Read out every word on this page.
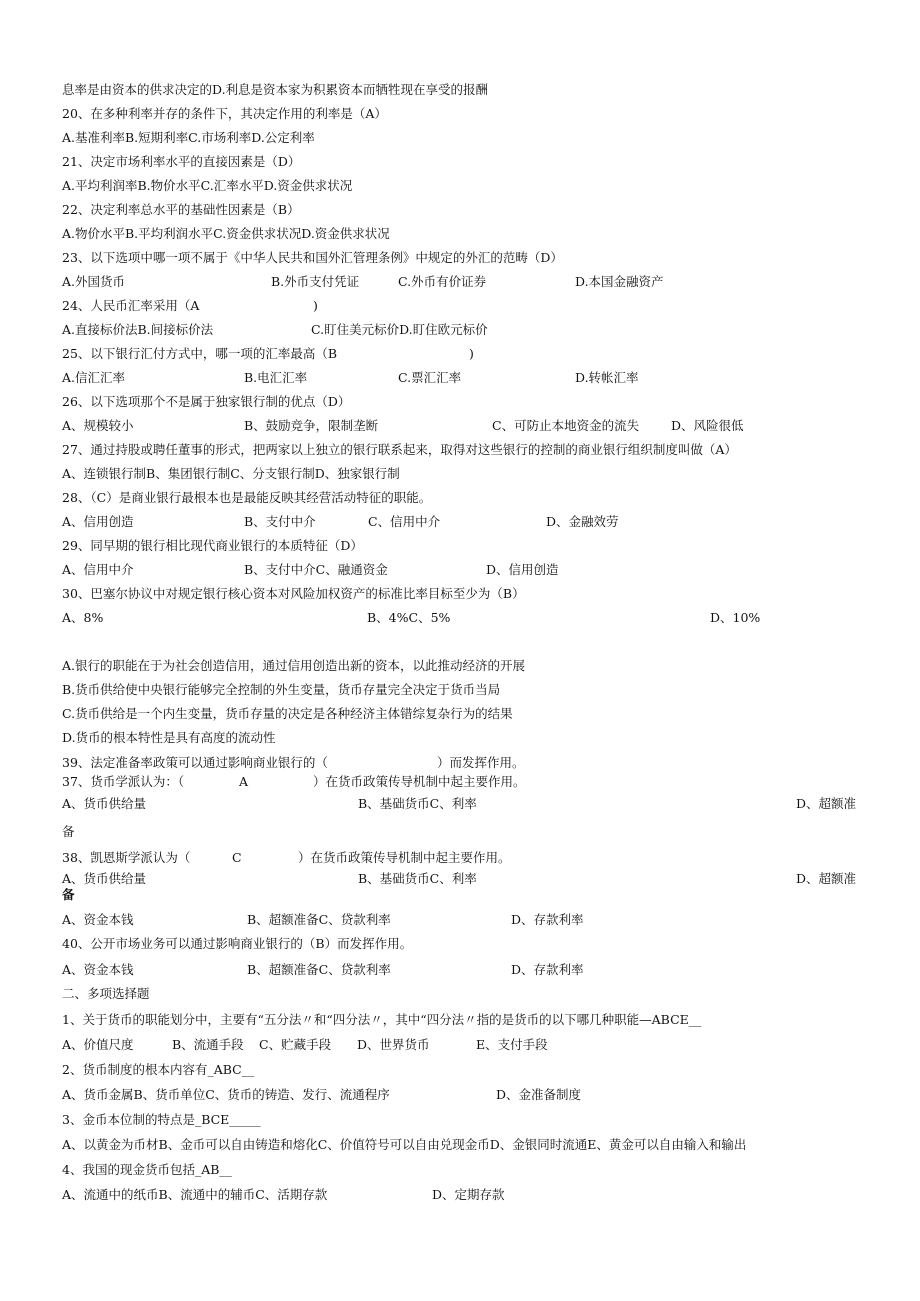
息率是由资本的供求决定的D.利息是资本家为积累资本而牺牲现在享受的报酬
20、在多种利率并存的条件下，其决定作用的利率是（A）
A.基准利率B.短期利率C.市场利率D.公定利率
21、决定市场利率水平的直接因素是（D）
A.平均利润率B.物价水平C.汇率水平D.资金供求状况
22、决定利率总水平的基础性因素是（B）
A.物价水平B.平均利润水平C.资金供求状况D.资金供求状况
23、以下选项中哪一项不属于《中华人民共和国外汇管理条例》中规定的外汇的范畴（D）
A.外国货币	B.外币支付凭证	C.外币有价证券	D.本国金融资产
24、人民币汇率采用（A	)
A.直接标价法B.间接标价法	C.盯住美元标价D.盯住欧元标价
25、以下银行汇付方式中，哪一项的汇率最高（B	)
A.信汇汇率	B.电汇汇率	C.票汇汇率	D.转帐汇率
26、以下选项那个不是属于独家银行制的优点（D）
A、规模较小	B、鼓励竞争，限制垄断	C、可防止本地资金的流失	D、风险很低
27、通过持股或聘任董事的形式，把两家以上独立的银行联系起来，取得对这些银行的控制的商业银行组织制度叫做（A）
A、连锁银行制B、集团银行制C、分支银行制D、独家银行制
28、（C）是商业银行最根本也是最能反映其经营活动特征的职能。
A、信用创造	B、支付中介	C、信用中介	D、金融效劳
29、同早期的银行相比现代商业银行的本质特征（D）
A、信用中介	B、支付中介C、融通资金	D、信用创造
30、巴塞尔协议中对规定银行核心资本对风险加权资产的标准比率目标至少为（B）
A、8%	B、4%C、5%	D、10%
A.银行的职能在于为社会创造信用，通过信用创造出新的资本，以此推动经济的开展
B.货币供给使中央银行能够完全控制的外生变量，货币存量完全决定于货币当局
C.货币供给是一个内生变量，货币存量的决定是各种经济主体错综复杂行为的结果
D.货币的根本特性是具有高度的流动性
39、法定准备率政策可以通过影响商业银行的（	）而发挥作用。
37、货币学派认为：（	A	）在货币政策传导机制中起主要作用。
A、货币供给量	B、基础货币C、利率	D、超额准
备
38、凯恩斯学派认为（	C	）在货币政策传导机制中起主要作用。
A、货币供给量	B、基础货币C、利率	D、超额准
备
A、资金本钱	B、超额准备C、贷款利率	D、存款利率
40、公开市场业务可以通过影响商业银行的（B）而发挥作用。
A、资金本钱	B、超额准备C、贷款利率	D、存款利率
二、多项选择题
1、关于货币的职能划分中，主要有“五分法〃和“四分法〃，其中“四分法〃指的是货币的以下哪几种职能—ABCE__
A、价值尺度	B、流通手段 C、贮藏手段 D、世界货币	E、支付手段
2、货币制度的根本内容有_ABC__
A、货币金属B、货币单位C、货币的铸造、发行、流通程序	D、金准备制度
3、金币本位制的特点是_BCE_____
A、以黄金为币材B、金币可以自由铸造和熔化C、价值符号可以自由兑现金币D、金银同时流通E、黄金可以自由输入和输出
4、我国的现金货币包括_AB__
A、流通中的纸币B、流通中的辅币C、活期存款	D、定期存款
